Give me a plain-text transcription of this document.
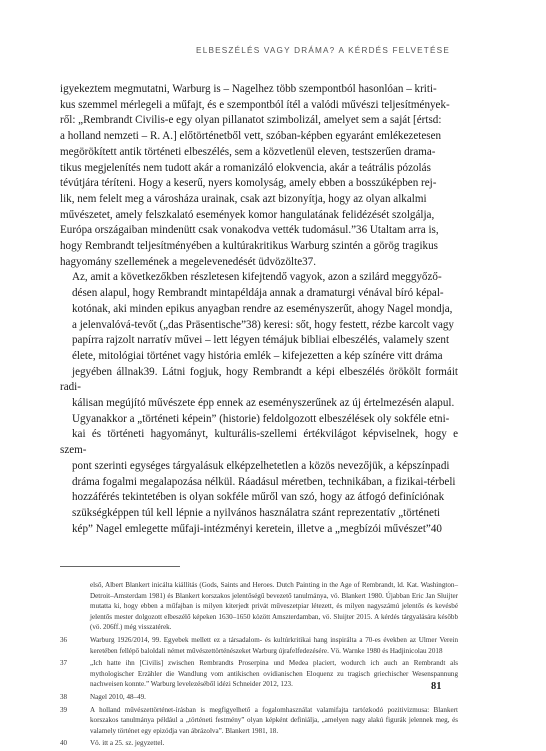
ELBESZÉLÉS VAGY DRÁMA? A KÉRDÉS FELVETÉSE

igyekeztem megmutatni, Warburg is – Nagelhez több szempontból hasonlóan – kriti-
kus szemmel mérlegeli a műfajt, és e szempontból ítél a valódi művészi teljesítmények-
ről: „Rembrandt Civilis-e egy olyan pillanatot szimbolizál, amelyet sem a saját [értsd:
a holland nemzeti – R. A.] előtörténetből vett, szóban-képben egyaránt emlékezetesen
megörökített antik történeti elbeszélés, sem a közvetlenül eleven, testszerűen drama-
tikus megjelenítés nem tudott akár a romanizáló elokvencia, akár a teátrális pózolás
tévútjára téríteni. Hogy a keserű, nyers komolyság, amely ebben a bosszúképben rej-
lik, nem felelt meg a városháza urainak, csak azt bizonyítja, hogy az olyan alkalmi
művészetet, amely felszkalató események komor hangulatának felidézését szolgálja,
Európa országaiban mindenütt csak vonakodva vették tudomásul.”36 Utaltam arra is,
hogy Rembrandt teljesítményében a kultúrakritikus Warburg szintén a görög tragikus
hagyomány szellemének a megelevenedését üdvözölte37.

Az, amit a következőkben részletesen kifejtendő vagyok, azon a szilárd meggyőző-
désen alapul, hogy Rembrandt mintapéldája annak a dramaturgi vénával bíró képal-
kotónak, aki minden epikus anyagban rendre az eseményszerűt, ahogy Nagel mondja,
a jelenvalóvá-tevőt („das Präsentische”38) keresi: sőt, hogy festett, rézbe karcolt vagy
papírra rajzolt narratív művei – lett légyen témájuk bibliai elbeszélés, valamely szent
élete, mitológiai történet vagy história emlék – kifejezetten a kép színére vitt dráma
jegyében állnak39. Látni fogjuk, hogy Rembrandt a képi elbeszélés örökölt formáit radi-
kálisan megújító művészete épp ennek az eseményszerűnek az új értelmezésén alapul.

Ugyanakkor a „történeti képein” (historie) feldolgozott elbeszélések oly sokféle etni-
kai és történeti hagyományt, kulturális-szellemi értékvilágot képviselnek, hogy e szem-
pont szerinti egységes tárgyalásuk elképzelhetetlen a közös nevezőjük, a képszínpadi
dráma fogalmi megalapozása nélkül. Ráadásul méretben, technikában, a fizikai-térbeli
hozzáférés tekintetében is olyan sokféle műről van szó, hogy az átfogó definíciónak
szükségképpen túl kell lépnie a nyilvános használatra szánt reprezentatív „történeti
kép” Nagel emlegette műfaji-intézményi keretein, illetve a „megbízói művészet”40

első, Albert Blankert inicálta kiállítás (Gods, Saints and Heroes. Dutch Painting in the Age of Rembrandt, ld. Kat. Washington–Detroit–Amsterdam 1981) és Blankert korszakos jelentőségű bevezető tanulmánya, vö. Blankert 1980. Újabban Eric Jan Sluijter mutatta ki, hogy ebben a műfajban is milyen kiterjedt privát műveszetpiar létezett, és milyen nagyszámú jelentős és kevésbé jelentős mester dolgozott elbeszélő képeken 1630–1650 között Amszterdamban, vö. Sluijter 2015. A kérdés tárgyalására később (vö. 206ff.) még visszatérek.
36	Warburg 1926/2014, 99. Egyebek mellett ez a társadalom- és kultúrkritikai hang inspirálta a 70-es években az Ulmer Verein keretében fellépő baloldali német művészettörténészeket Warburg újrafelfedezésére. Vö. Warnke 1980 és Hadjinicolau 2018
37	„Ich hatte ihn [Civilis] zwischen Rembrandts Proserpina und Medea placiert, wodurch ich auch an Rembrandt als mythologischer Erzähler die Wandlung vom antikischen ovidianischen Eloquenz zu tragisch griechischer Wesenspannung nachweisen konnte.” Warburg levelezéséből idézi Schneider 2012, 123.
38	Nagel 2010, 48–49.
39	A holland művészettörténet-írásban is megfigyelhető a fogalomhasználat valamifajta tartózkodó pozitivizmusa: Blankert korszakos tanulmánya például a „történeti festmény” olyan képként definiálja, „amelyen nagy alakú figurák jelennek meg, és valamely történet egy epizódja van ábrázolva”. Blankert 1981, 18.
40	Vö. itt a 25. sz. jegyzettel.
81
